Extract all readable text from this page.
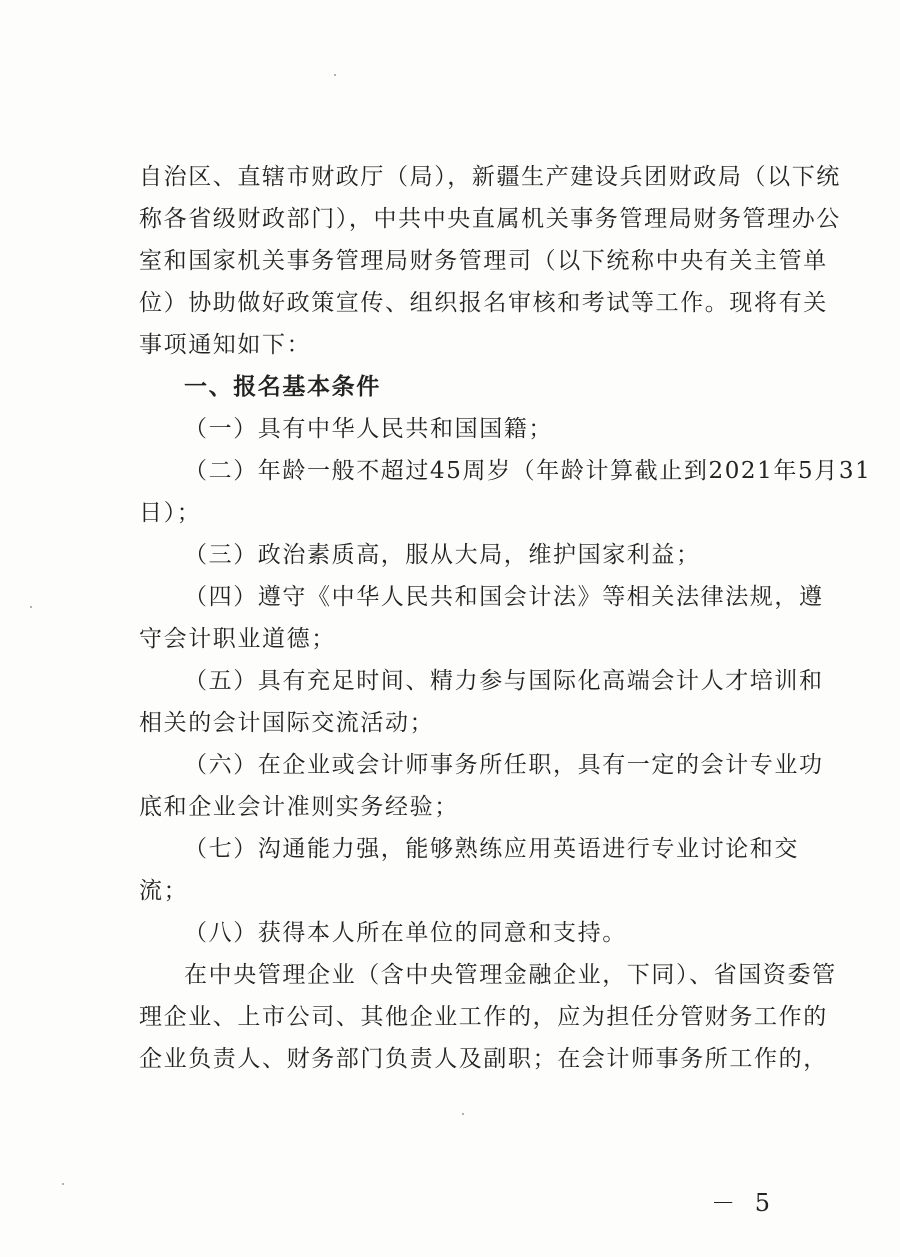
自治区、直辖市财政厅（局），新疆生产建设兵团财政局（以下统
称各省级财政部门），中共中央直属机关事务管理局财务管理办公
室和国家机关事务管理局财务管理司（以下统称中央有关主管单
位）协助做好政策宣传、组织报名审核和考试等工作。现将有关
事项通知如下：
一、报名基本条件
（一）具有中华人民共和国国籍；
（二）年龄一般不超过45周岁（年龄计算截止到2021年5月31
日）；
（三）政治素质高，服从大局，维护国家利益；
（四）遵守《中华人民共和国会计法》等相关法律法规，遵
守会计职业道德；
（五）具有充足时间、精力参与国际化高端会计人才培训和
相关的会计国际交流活动；
（六）在企业或会计师事务所任职，具有一定的会计专业功
底和企业会计准则实务经验；
（七）沟通能力强，能够熟练应用英语进行专业讨论和交
流；
（八）获得本人所在单位的同意和支持。
在中央管理企业（含中央管理金融企业，下同）、省国资委管
理企业、上市公司、其他企业工作的，应为担任分管财务工作的
企业负责人、财务部门负责人及副职；在会计师事务所工作的，
－ 5
